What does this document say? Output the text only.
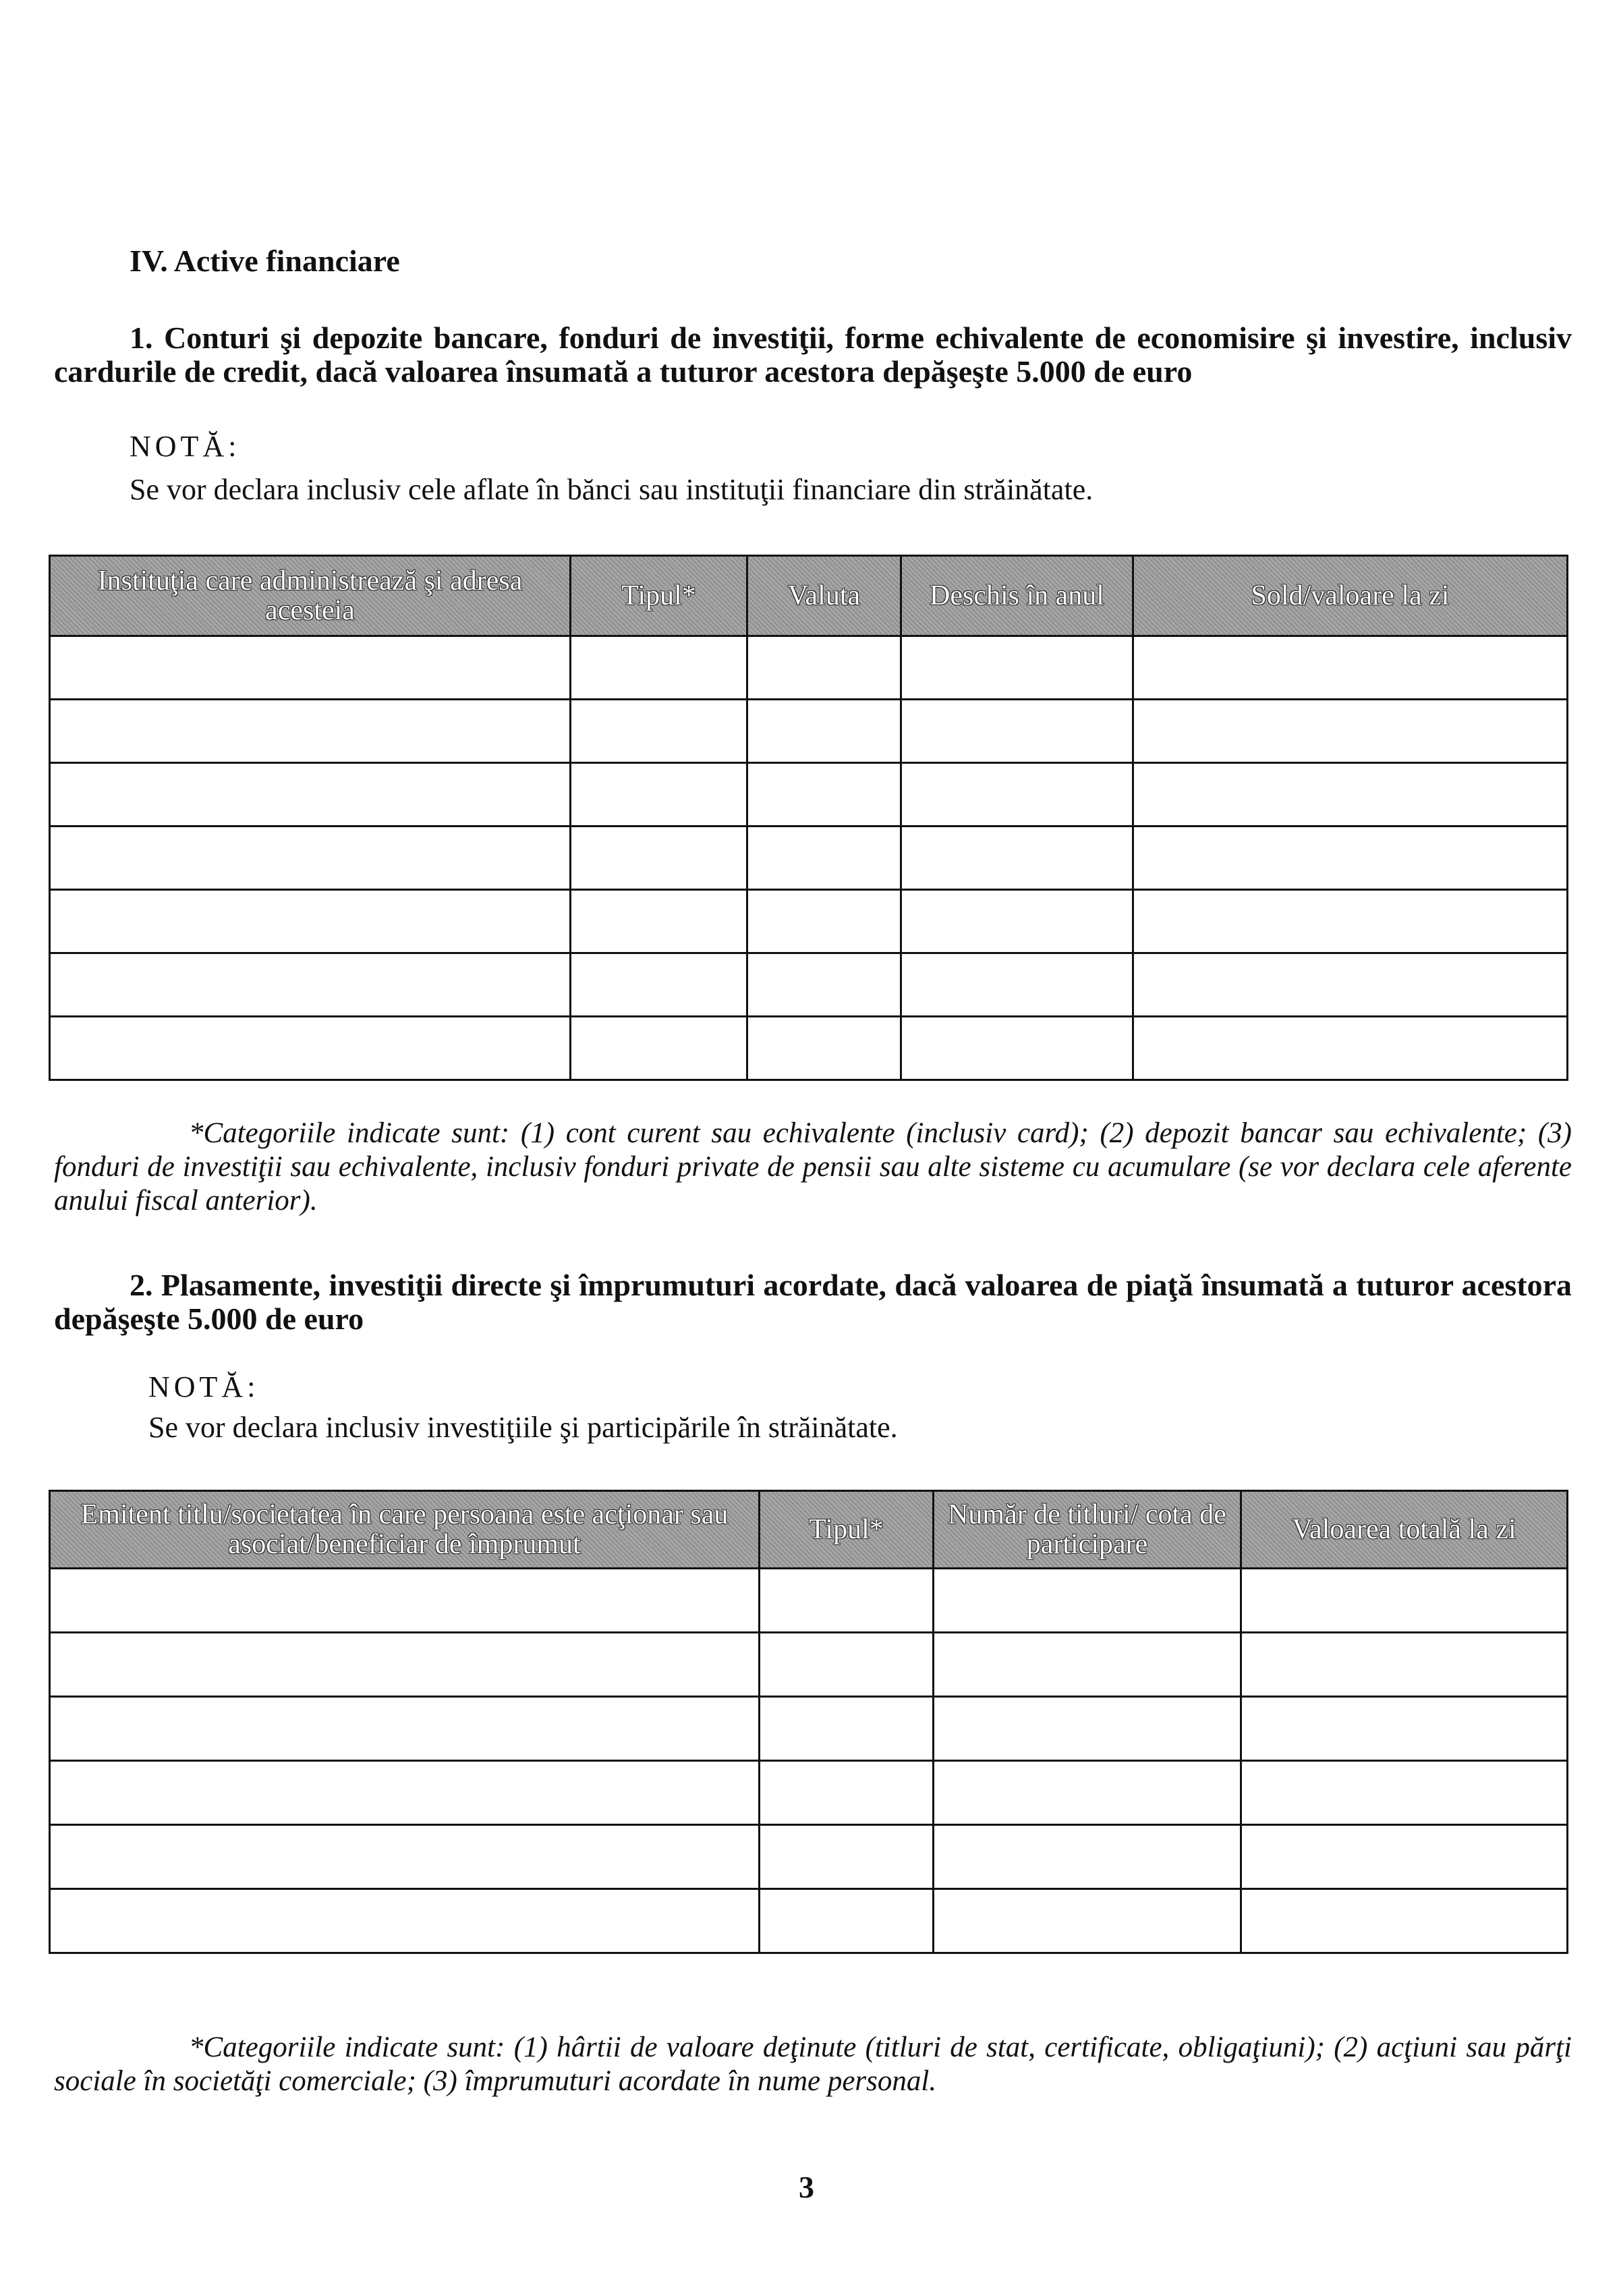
IV. Active financiare
1. Conturi şi depozite bancare, fonduri de investiţii, forme echivalente de economisire şi investire, inclusiv cardurile de credit, dacă valoarea însumată a tuturor acestora depăşeşte 5.000 de euro
NOTĂ:
Se vor declara inclusiv cele aflate în bănci sau instituţii financiare din străinătate.
Instituţia care administrează şi adresa acesteia	Tipul*	Valuta	Deschis în anul	Sold/valoare la zi

*Categoriile indicate sunt: (1) cont curent sau echivalente (inclusiv card); (2) depozit bancar sau echivalente; (3) fonduri de investiţii sau echivalente, inclusiv fonduri private de pensii sau alte sisteme cu acumulare (se vor declara cele aferente anului fiscal anterior).
2. Plasamente, investiţii directe şi împrumuturi acordate, dacă valoarea de piaţă însumată a tuturor acestora depăşeşte 5.000 de euro
NOTĂ:
Se vor declara inclusiv investiţiile şi participările în străinătate.
Emitent titlu/societatea în care persoana este acţionar sau asociat/beneficiar de împrumut	Tipul*	Număr de titluri/ cota de participare	Valoarea totală la zi

*Categoriile indicate sunt: (1) hârtii de valoare deţinute (titluri de stat, certificate, obligaţiuni); (2) acţiuni sau părţi sociale în societăţi comerciale; (3) împrumuturi acordate în nume personal.
3
